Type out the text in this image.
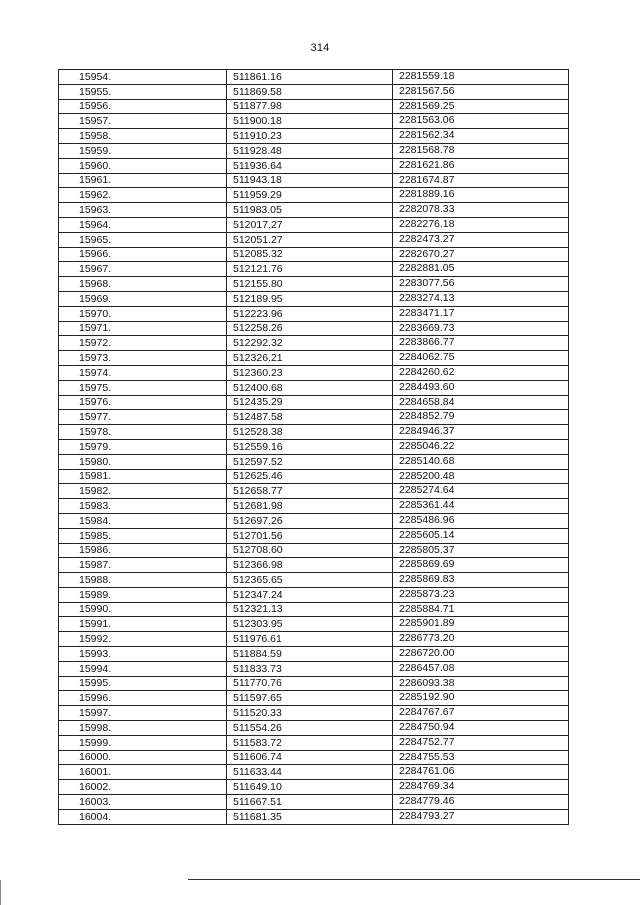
314
15954.	511861.16	2281559.18
15955.	511869.58	2281567.56
15956.	511877.98	2281569.25
15957.	511900.18	2281563.06
15958.	511910.23	2281562.34
15959.	511928.48	2281568.78
15960.	511936.64	2281621.86
15961.	511943.18	2281674.87
15962.	511959.29	2281889.16
15963.	511983.05	2282078.33
15964.	512017.27	2282276.18
15965.	512051.27	2282473.27
15966.	512085.32	2282670.27
15967.	512121.76	2282881.05
15968.	512155.80	2283077.56
15969.	512189.95	2283274.13
15970.	512223.96	2283471.17
15971.	512258.26	2283669.73
15972.	512292.32	2283866.77
15973.	512326.21	2284062.75
15974.	512360.23	2284260.62
15975.	512400.68	2284493.60
15976.	512435.29	2284658.84
15977.	512487.58	2284852.79
15978.	512528.38	2284946.37
15979.	512559.16	2285046.22
15980.	512597.52	2285140.68
15981.	512625.46	2285200.48
15982.	512658.77	2285274.64
15983.	512681.98	2285361.44
15984.	512697.26	2285486.96
15985.	512701.56	2285605.14
15986.	512708.60	2285805.37
15987.	512366.98	2285869.69
15988.	512365.65	2285869.83
15989.	512347.24	2285873.23
15990.	512321.13	2285884.71
15991.	512303.95	2285901.89
15992.	511976.61	2286773.20
15993.	511884.59	2286720.00
15994.	511833.73	2286457.08
15995.	511770.76	2286093.38
15996.	511597.65	2285192.90
15997.	511520.33	2284767.67
15998.	511554.26	2284750.94
15999.	511583.72	2284752.77
16000.	511606.74	2284755.53
16001.	511633.44	2284761.06
16002.	511649.10	2284769.34
16003.	511667.51	2284779.46
16004.	511681.35	2284793.27
